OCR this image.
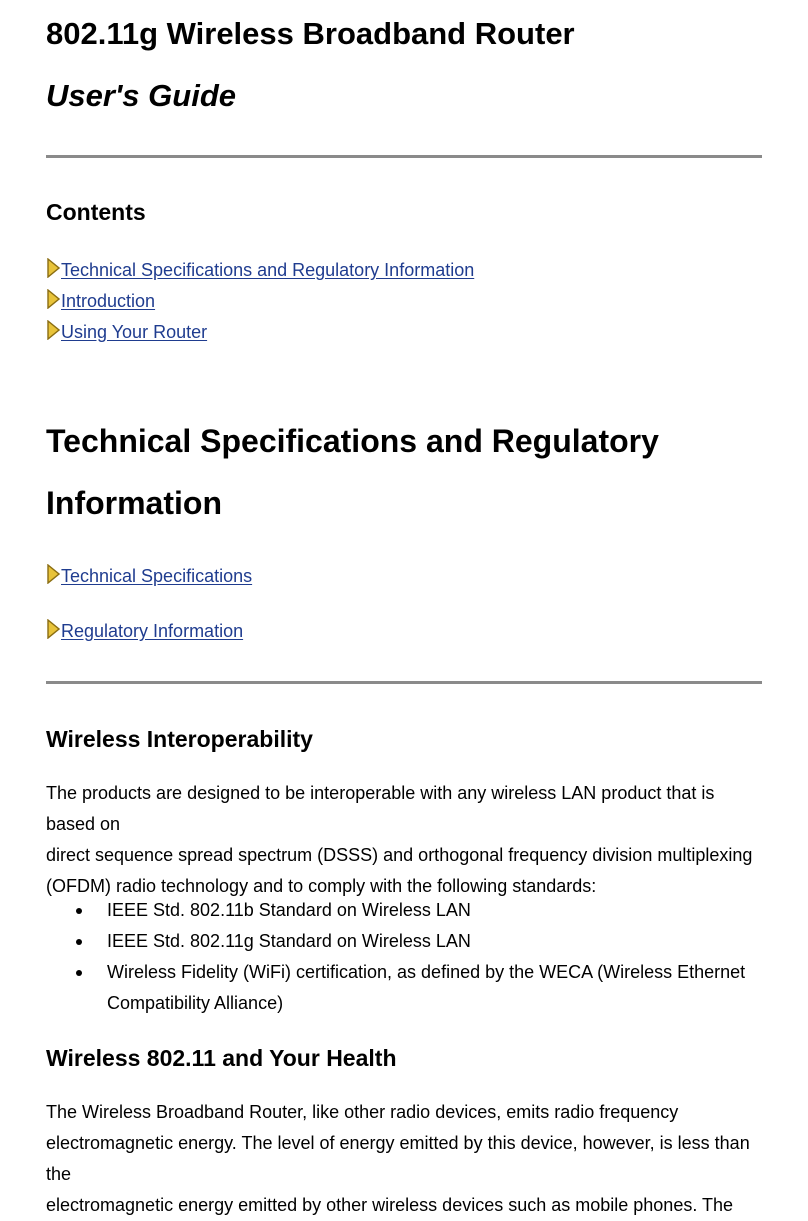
802.11g Wireless Broadband Router
User's Guide
Contents
Technical Specifications and Regulatory Information
Introduction
Using Your Router
Technical Specifications and Regulatory
Information
Technical Specifications
Regulatory Information
Wireless Interoperability

The products are designed to be interoperable with any wireless LAN product that is based on
direct sequence spread spectrum (DSSS) and orthogonal frequency division multiplexing
(OFDM) radio technology and to comply with the following standards:

IEEE Std. 802.11b Standard on Wireless LAN
IEEE Std. 802.11g Standard on Wireless LAN
Wireless Fidelity (WiFi) certification, as defined by the WECA (Wireless Ethernet
Compatibility Alliance)
Wireless 802.11 and Your Health

The Wireless Broadband Router, like other radio devices, emits radio frequency
electromagnetic energy. The level of energy emitted by this device, however, is less than the
electromagnetic energy emitted by other wireless devices such as mobile phones. The
